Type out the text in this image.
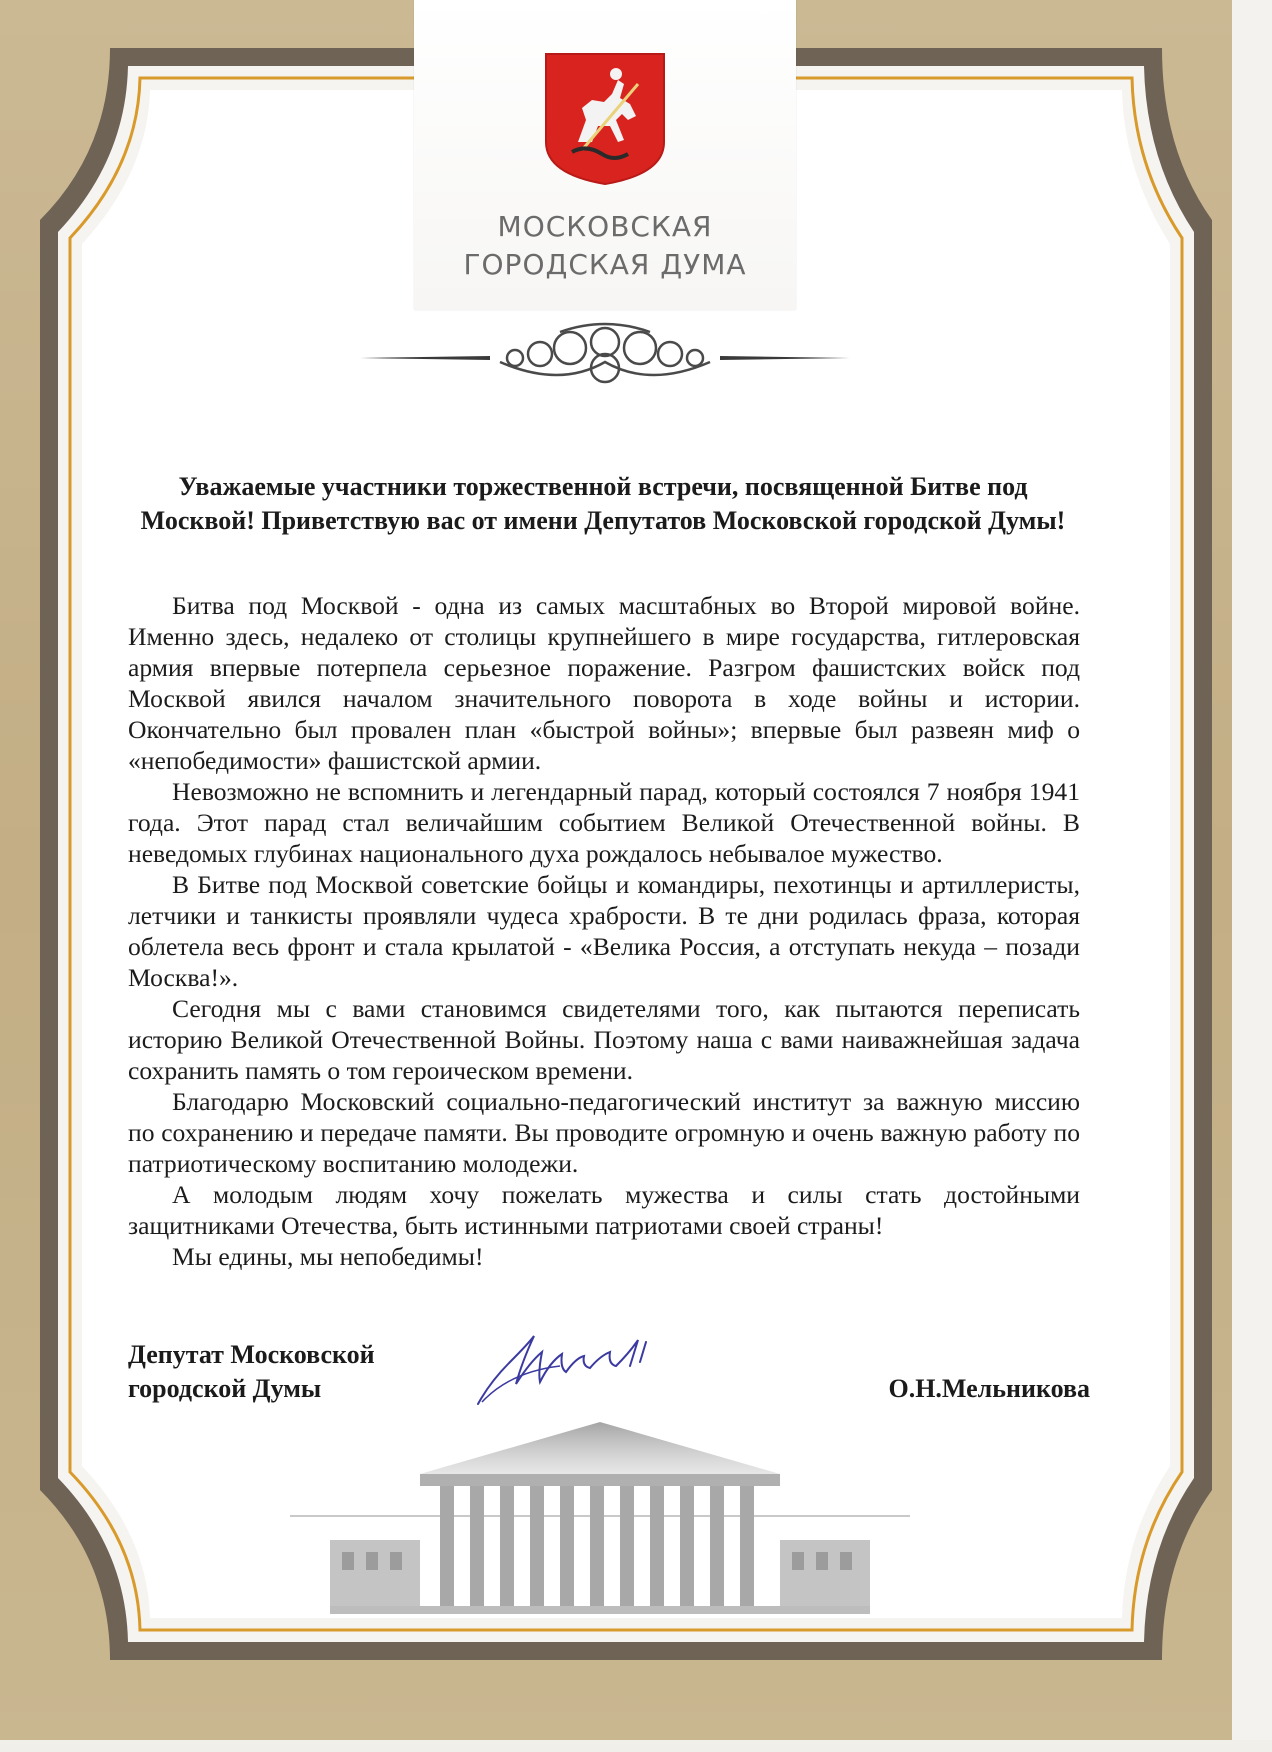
МОСКОВСКАЯ
ГОРОДСКАЯ ДУМА
Уважаемые участники торжественной встречи, посвященной Битве под Москвой! Приветствую вас от имени Депутатов Московской городской Думы!

Битва под Москвой - одна из самых масштабных во Второй мировой войне. Именно здесь, недалеко от столицы крупнейшего в мире государства, гитлеровская армия впервые потерпела серьезное поражение. Разгром фашистских войск под Москвой явился началом значительного поворота в ходе войны и истории. Окончательно был провален план «быстрой войны»; впервые был развеян миф о «непобедимости» фашистской армии.

Невозможно не вспомнить и легендарный парад, который состоялся 7 ноября 1941 года. Этот парад стал величайшим событием Великой Отечественной войны. В неведомых глубинах национального духа рождалось небывалое мужество.

В Битве под Москвой советские бойцы и командиры, пехотинцы и артиллеристы, летчики и танкисты проявляли чудеса храбрости. В те дни родилась фраза, которая облетела весь фронт и стала крылатой - «Велика Россия, а отступать некуда – позади Москва!».

Сегодня мы с вами становимся свидетелями того, как пытаются переписать историю Великой Отечественной Войны. Поэтому наша с вами наиважнейшая задача сохранить память о том героическом времени.

Благодарю Московский социально-педагогический институт за важную миссию по сохранению и передаче памяти. Вы проводите огромную и очень важную работу по патриотическому воспитанию молодежи.

А молодым людям хочу пожелать мужества и силы стать достойными защитниками Отечества, быть истинными патриотами своей страны!

Мы едины, мы непобедимы!

Депутат Московской
городской Думы	О.Н.Мельникова
